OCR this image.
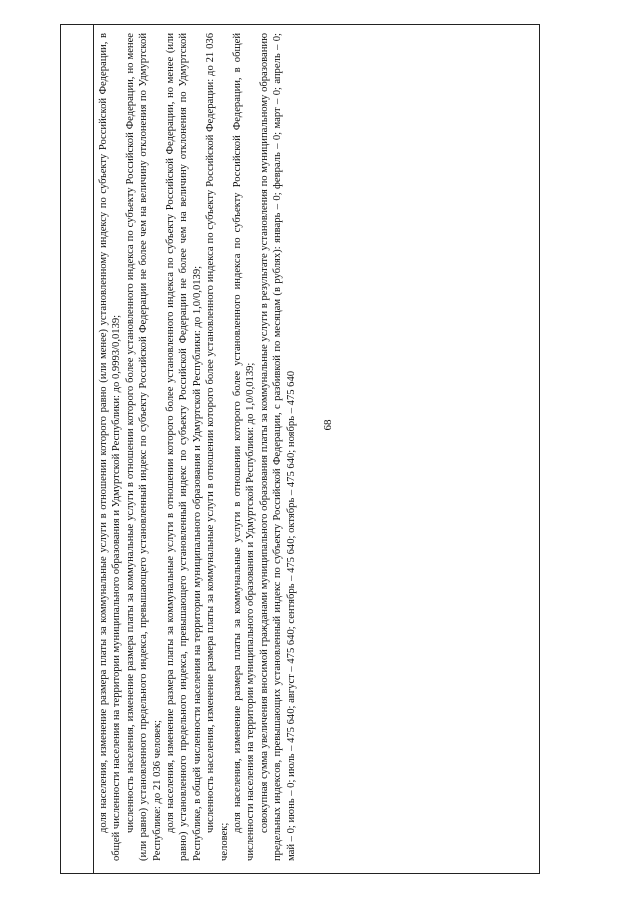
68

доля населения, изменение размера платы за коммунальные услуги в отношении которого равно (или менее) установленному индексу по субъекту Российской Федерации, в общей численности населения на территории муниципального образования и Удмуртской Республики: до 0,9993/0,0139; численность населения, изменение размера платы за коммунальные услуги в отношении которого более установленного индекса по субъекту Российской Федерации, но менее (или равно) установленного предельного индекса, превышающего установленный индекс по субъекту Российской Федерации не более чем на величину отклонения по Удмуртской Республике: до 21 036 человек; доля населения, изменение размера платы за коммунальные услуги в отношении которого более установленного индекса по субъекту Российской Федерации, но менее (или равно) установленного предельного индекса, превышающего установленный индекс по субъекту Российской Федерации не более чем на величину отклонения по Удмуртской Республике, в общей численности населения на территории муниципального образования и Удмуртской Республики: до 1,0/0,0139; численность населения, изменение размера платы за коммунальные услуги в отношении которого более установленного индекса по субъекту Российской Федерации: до 21 036 человек;

доля населения, изменение размера платы за коммунальные услуги в отношении которого более установленного индекса по субъекту Российской Федерации, в общей численности населения на территории муниципального образования и Удмуртской Республики: до 1,0/0,0139; совокупная сумма увеличения вносимой гражданами муниципального образования платы за коммунальные услуги в результате установления по муниципальному образованию предельных индексов, превышающих установленный индекс по субъекту Российской Федерации, с разбивкой по месяцам (в рублях): январь – 0; февраль – 0; март – 0; апрель – 0; май – 0; июнь – 0; июль – 475 640; август – 475 640; сентябрь – 475 640; октябрь – 475 640; ноябрь – 475 640
